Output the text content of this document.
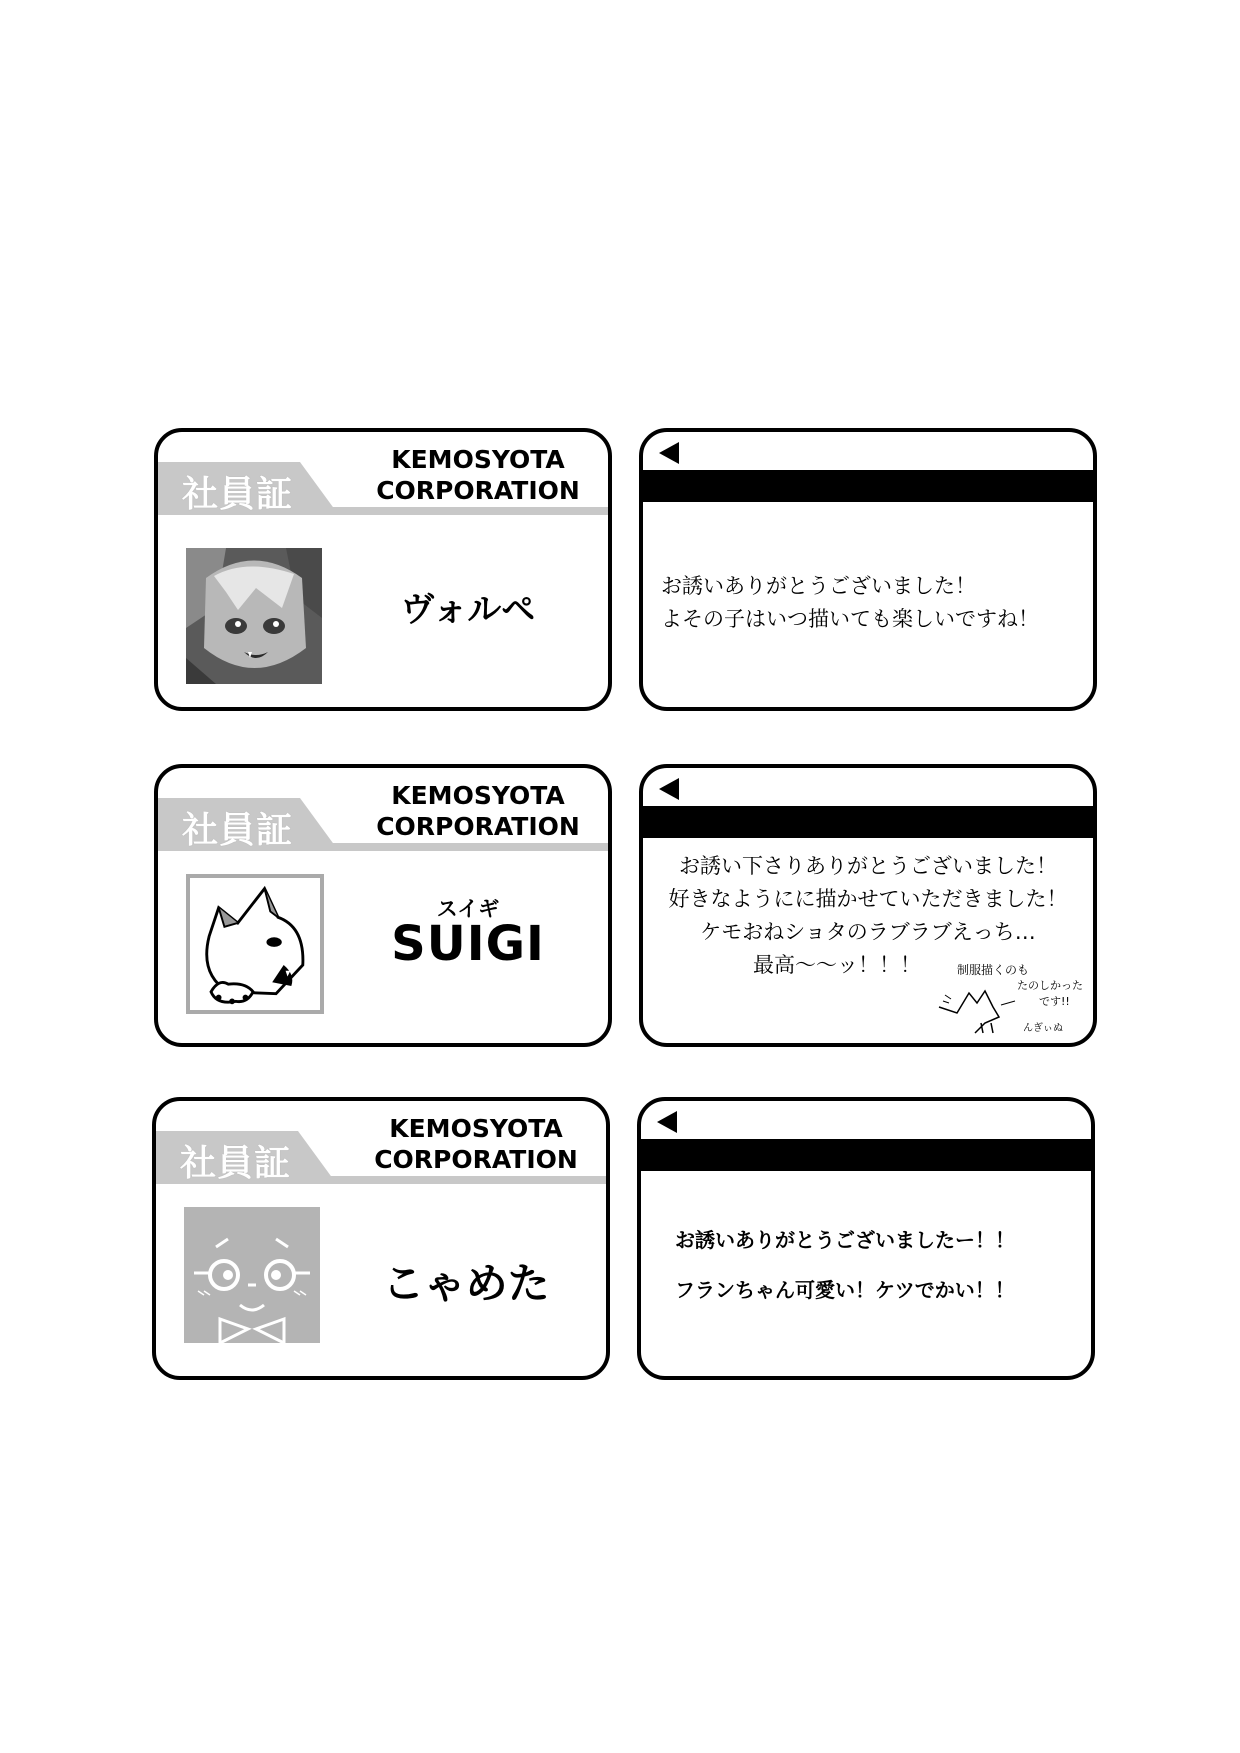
社員証
KEMOSYOTA
CORPORATION
ヴォルペ
お誘いありがとうございました！
よその子はいつ描いても楽しいですね！
社員証
KEMOSYOTA
CORPORATION
スイギ
SUIGI
お誘い下さりありがとうございました！
好きなようにに描かせていただきました！
ケモおねショタのラブラブえっち…
最高〜〜ッ！！！	制服描くのも
たのしかった
です!!
んぎぃぬ
社員証
KEMOSYOTA
CORPORATION
こゃめた
お誘いありがとうございましたー！！
フランちゃん可愛い！ケツでかい！！
